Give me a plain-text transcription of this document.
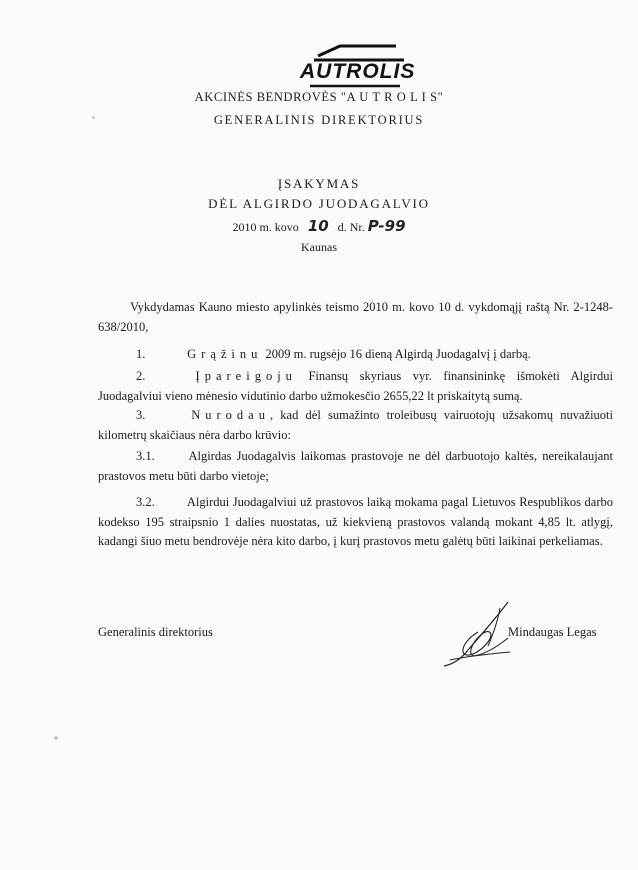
AUTROLIS
AKCINĖS BENDROVĖS "A U T R O L I S"
GENERALINIS DIREKTORIUS
ĮSAKYMAS
DĖL ALGIRDO JUODAGALVIO
2010 m. kovo 10 d. Nr. P-99
Kaunas
Vykdydamas Kauno miesto apylinkės teismo 2010 m. kovo 10 d. vykdomąjį raštą Nr. 2-1248-638/2010,
1.	Grąžinu 2009 m. rugsėjo 16 dieną Algirdą Juodagalvį į darbą.
2.	Įpareigoju Finansų skyriaus vyr. finansininkę išmokėti Algirdui Juodagalviui vieno mėnesio vidutinio darbo užmokesčio 2655,22 lt priskaitytą sumą.
3.	Nurodau, kad dėl sumažinto troleibusų vairuotojų užsakomų nuvažiuoti kilometrų skaičiaus nėra darbo krūvio:
3.1.	Algirdas Juodagalvis laikomas prastovoje ne dėl darbuotojo kaltės, nereikalaujant prastovos metu būti darbo vietoje;
3.2.	Algirdui Juodagalviui už prastovos laiką mokama pagal Lietuvos Respublikos darbo kodekso 195 straipsnio 1 dalies nuostatas, už kiekvieną prastovos valandą mokant 4,85 lt. atlygį, kadangi šiuo metu bendrovėje nėra kito darbo, į kurį prastovos metu galėtų būti laikinai perkeliamas.
Generalinis direktorius	Mindaugas Legas
